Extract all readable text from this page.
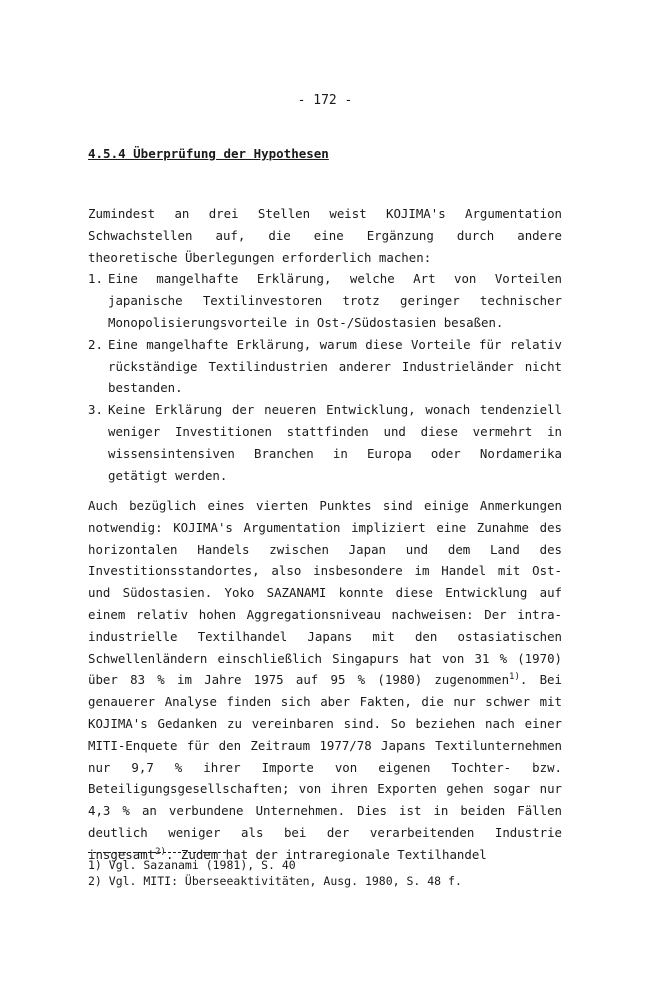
- 172 -
4.5.4 Überprüfung der Hypothesen

Zumindest an drei Stellen weist KOJIMA's Argumentation Schwachstellen auf, die eine Ergänzung durch andere theoretische Überlegungen erforderlich machen:

1. Eine mangelhafte Erklärung, welche Art von Vorteilen japanische Textilinvestoren trotz geringer technischer Monopolisierungsvorteile in Ost-/Südostasien besaßen.
2. Eine mangelhafte Erklärung, warum diese Vorteile für relativ rückständige Textilindustrien anderer Industrieländer nicht bestanden.
3. Keine Erklärung der neueren Entwicklung, wonach tendenziell weniger Investitionen stattfinden und diese vermehrt in wissensintensiven Branchen in Europa oder Nordamerika getätigt werden.

Auch bezüglich eines vierten Punktes sind einige Anmerkungen notwendig: KOJIMA's Argumentation impliziert eine Zunahme des horizontalen Handels zwischen Japan und dem Land des Investitionsstandortes, also insbesondere im Handel mit Ost- und Südostasien. Yoko SAZANAMI konnte diese Entwicklung auf einem relativ hohen Aggregationsniveau nachweisen: Der intra-industrielle Textilhandel Japans mit den ostasiatischen Schwellenländern einschließlich Singapurs hat von 31 % (1970) über 83 % im Jahre 1975 auf 95 % (1980) zugenommen$^{1)}$. Bei genauerer Analyse finden sich aber Fakten, die nur schwer mit KOJIMA's Gedanken zu vereinbaren sind. So beziehen nach einer MITI-Enquete für den Zeitraum 1977/78 Japans Textilunternehmen nur 9,7 % ihrer Importe von eigenen Tochter- bzw. Beteiligungsgesellschaften; von ihren Exporten gehen sogar nur 4,3 % an verbundene Unternehmen. Dies ist in beiden Fällen deutlich weniger als bei der verarbeitenden Industrie insgesamt$^{2)}$. Zudem hat der intraregionale Textilhandel

1) Vgl. Sazanami (1981), S. 40
2) Vgl. MITI: Überseeaktivitäten, Ausg. 1980, S. 48 f.
